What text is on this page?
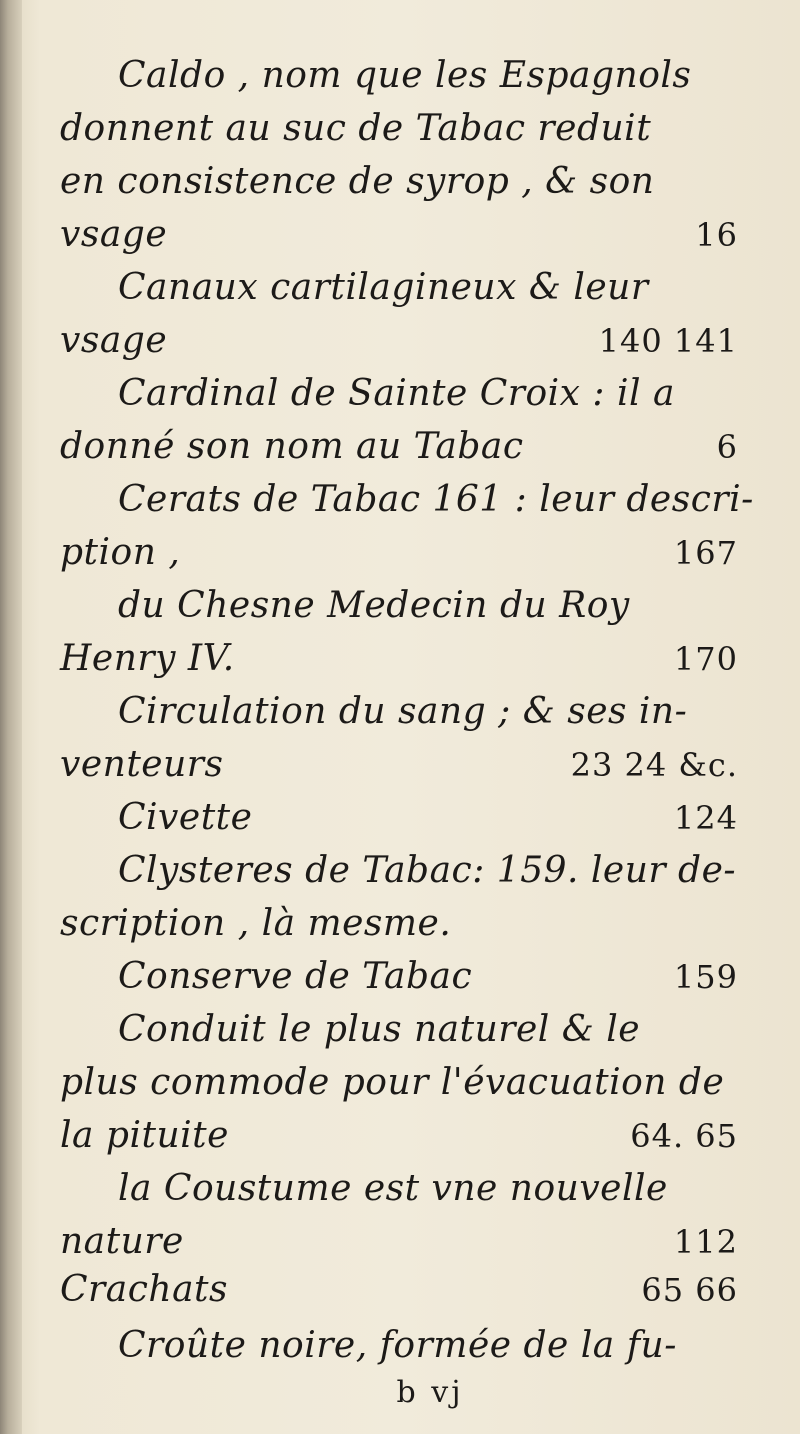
Caldo , nom que les Espagnols
donnent au suc de Tabac reduit
en consistence de syrop , & son
vsage	16
Canaux cartilagineux & leur
vsage	140 141
Cardinal de Sainte Croix : il a
donné son nom au Tabac	6
Cerats de Tabac 161 : leur descri-
ption ,	167
du Chesne Medecin du Roy
Henry IV.	170
Circulation du sang ; & ses in-
venteurs	23 24 &c.
Civette	124
Clysteres de Tabac: 159. leur de-
scription , là mesme.
Conserve de Tabac	159
Conduit le plus naturel & le
plus commode pour l'évacuation de
la pituite	64. 65
la Coustume est vne nouvelle
nature	112
Crachats	65 66
Croûte noire, formée de la fu-
b vj
